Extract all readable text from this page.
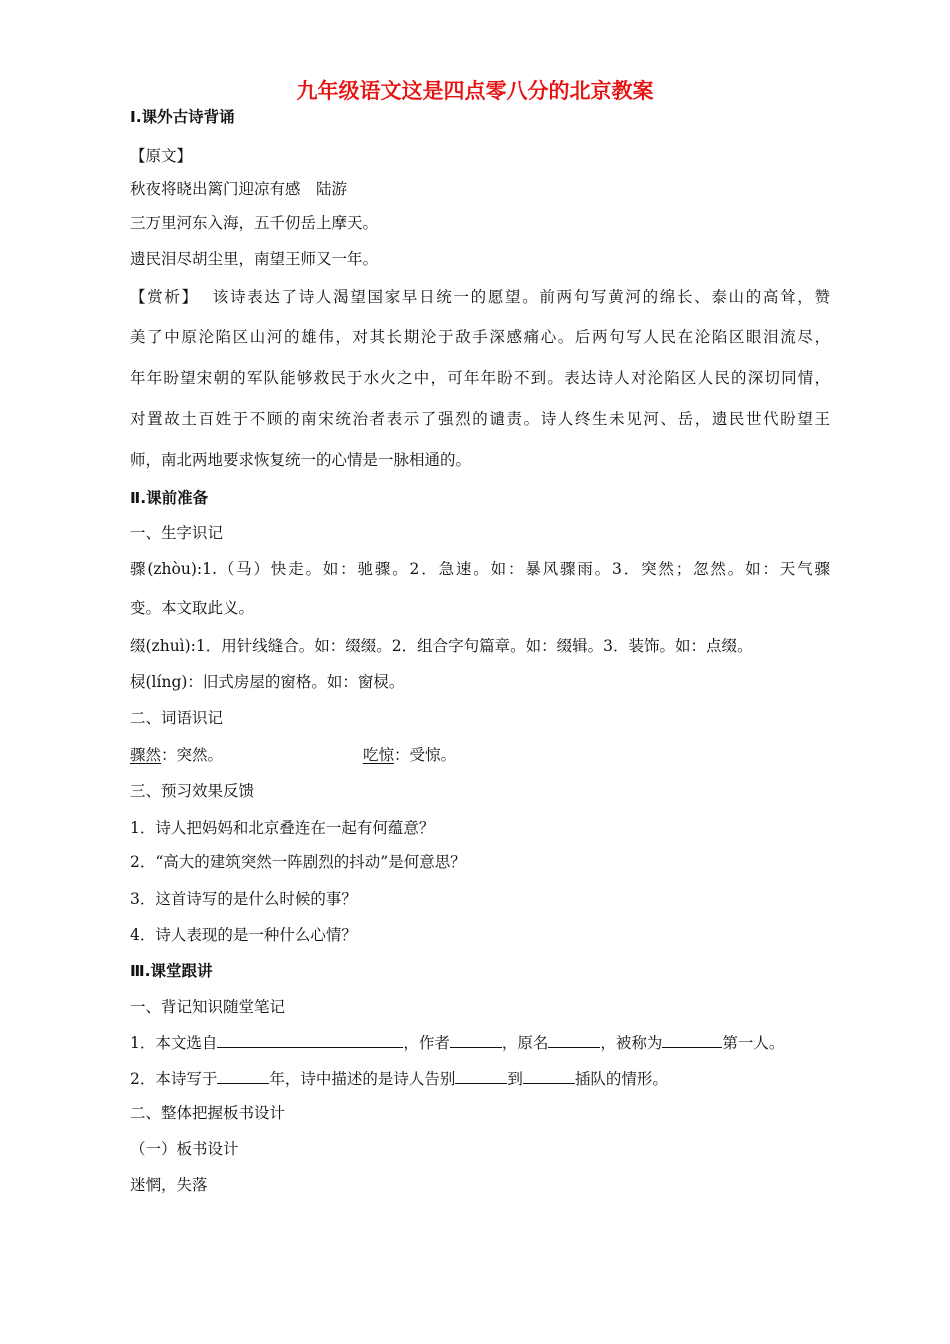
九年级语文这是四点零八分的北京教案
Ⅰ.课外古诗背诵
【原文】
秋夜将晓出篱门迎凉有感　陆游
三万里河东入海，五千仞岳上摩天。
遗民泪尽胡尘里，南望王师又一年。
【赏析】 该诗表达了诗人渴望国家早日统一的愿望。前两句写黄河的绵长、泰山的高耸，赞
美了中原沦陷区山河的雄伟，对其长期沦于敌手深感痛心。后两句写人民在沦陷区眼泪流尽，
年年盼望宋朝的军队能够救民于水火之中，可年年盼不到。表达诗人对沦陷区人民的深切同情，
对置故土百姓于不顾的南宋统治者表示了强烈的谴责。诗人终生未见河、岳，遗民世代盼望王
师，南北两地要求恢复统一的心情是一脉相通的。
Ⅱ.课前准备
一、生字识记
骤(zhòu):1.（马）快走。如：驰骤。2．急速。如：暴风骤雨。3．突然；忽然。如：天气骤
变。本文取此义。
缀(zhuì):1．用针线缝合。如：缀缀。2．组合字句篇章。如：缀辑。3．装饰。如：点缀。
棂(líng)：旧式房屋的窗格。如：窗棂。
二、词语识记
骤然：突然。	吃惊：受惊。
三、预习效果反馈
1．诗人把妈妈和北京叠连在一起有何蕴意？
2．“高大的建筑突然一阵剧烈的抖动”是何意思？
3．这首诗写的是什么时候的事？
4．诗人表现的是一种什么心情？
Ⅲ.课堂跟讲
一、背记知识随堂笔记
1．本文选自	，作者	，原名	，被称为	第一人。
2．本诗写于	年，诗中描述的是诗人告别	到	插队的情形。
二、整体把握板书设计
（一）板书设计
迷惘，失落
